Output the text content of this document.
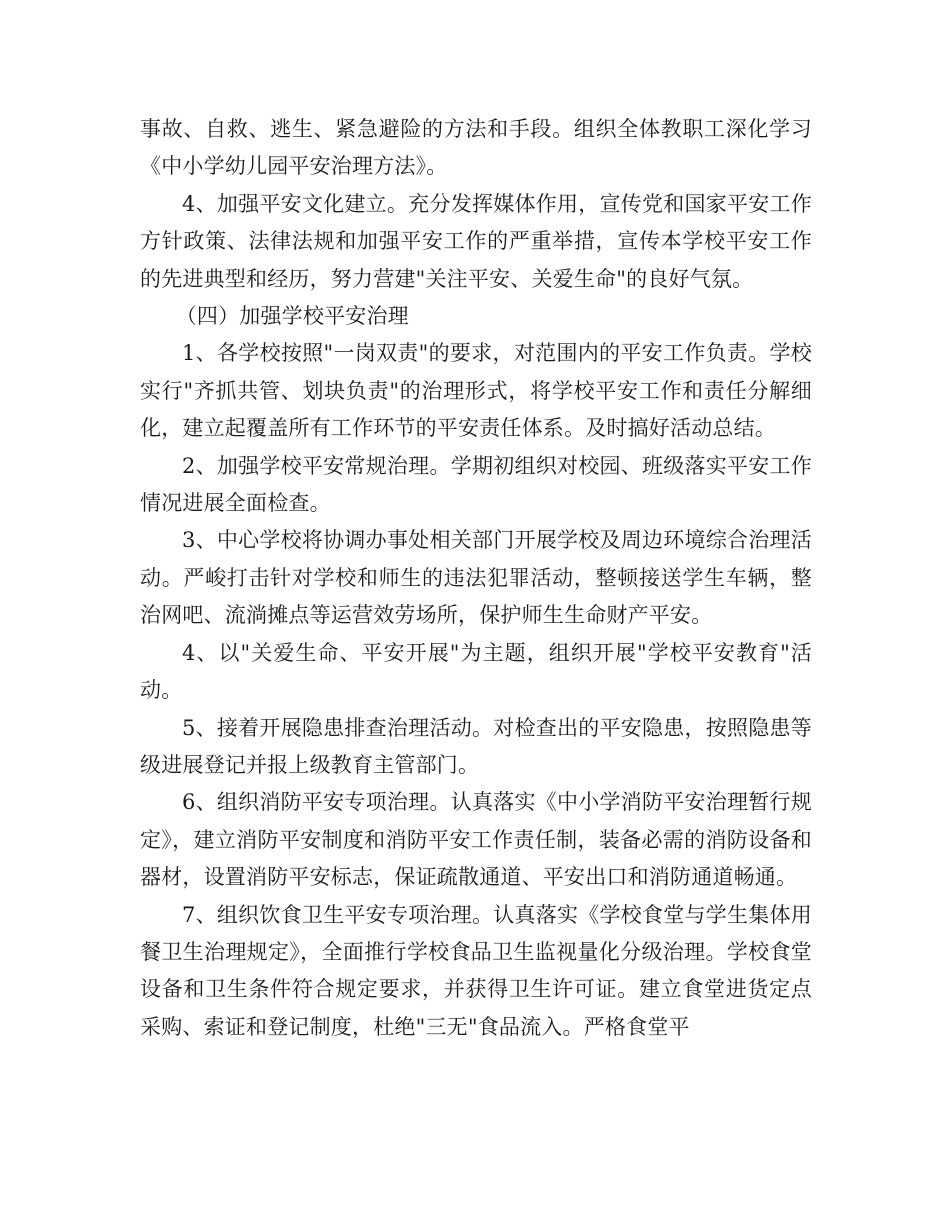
事故、自救、逃生、紧急避险的方法和手段。组织全体教职工深化学习《中小学幼儿园平安治理方法》。

4、加强平安文化建立。充分发挥媒体作用，宣传党和国家平安工作方针政策、法律法规和加强平安工作的严重举措，宣传本学校平安工作的先进典型和经历，努力营建"关注平安、关爱生命"的良好气氛。

（四）加强学校平安治理

1、各学校按照"一岗双责"的要求，对范围内的平安工作负责。学校实行"齐抓共管、划块负责"的治理形式，将学校平安工作和责任分解细化，建立起覆盖所有工作环节的平安责任体系。及时搞好活动总结。

2、加强学校平安常规治理。学期初组织对校园、班级落实平安工作情况进展全面检查。

3、中心学校将协调办事处相关部门开展学校及周边环境综合治理活动。严峻打击针对学校和师生的违法犯罪活动，整顿接送学生车辆，整治网吧、流淌摊点等运营效劳场所，保护师生生命财产平安。

4、以"关爱生命、平安开展"为主题，组织开展"学校平安教育"活动。

5、接着开展隐患排查治理活动。对检查出的平安隐患，按照隐患等级进展登记并报上级教育主管部门。

6、组织消防平安专项治理。认真落实《中小学消防平安治理暂行规定》，建立消防平安制度和消防平安工作责任制，装备必需的消防设备和器材，设置消防平安标志，保证疏散通道、平安出口和消防通道畅通。

7、组织饮食卫生平安专项治理。认真落实《学校食堂与学生集体用餐卫生治理规定》，全面推行学校食品卫生监视量化分级治理。学校食堂设备和卫生条件符合规定要求，并获得卫生许可证。建立食堂进货定点采购、索证和登记制度，杜绝"三无"食品流入。严格食堂平
